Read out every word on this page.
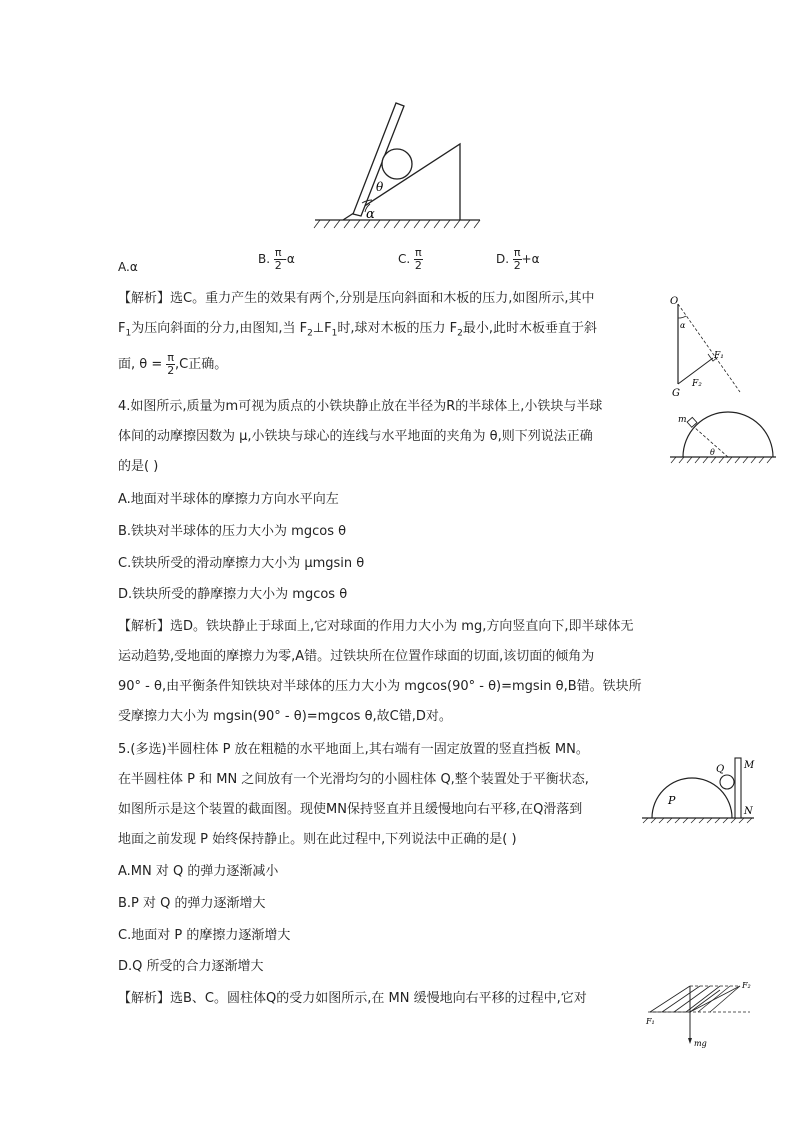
θ
α
A.α
B. $\frac{\pi}{2} -\alpha$	C. $\frac{\pi}{2}$	D. $\frac{\pi}{2} +\alpha$
【解析】选C。重力产生的效果有两个,分别是压向斜面和木板的压力,如图所示,其中
$F_1$为压向斜面的分力,由图知,当 $F_2\perp F_1$时,球对木板的压力 $F_2$最小,此时木板垂直于斜
面, $\theta = \frac{\pi}{2} ,C$正确。
O
α
F₁
F₂
G
4.如图所示,质量为m可视为质点的小铁块静止放在半径为R的半球体上,小铁块与半球
体间的动摩擦因数为 μ,小铁块与球心的连线与水平地面的夹角为 θ,则下列说法正确
的是( )
A.地面对半球体的摩擦力方向水平向左
B.铁块对半球体的压力大小为 mgcos θ
C.铁块所受的滑动摩擦力大小为 μmgsin θ
D.铁块所受的静摩擦力大小为 mgcos θ
【解析】选D。铁块静止于球面上,它对球面的作用力大小为 mg,方向竖直向下,即半球体无
运动趋势,受地面的摩擦力为零,A错。过铁块所在位置作球面的切面,该切面的倾角为
90° - θ,由平衡条件知铁块对半球体的压力大小为 mgcos(90° - θ)=mgsin θ,B错。铁块所
受摩擦力大小为 mgsin(90° - θ)=mgcos θ,故C错,D对。
m
θ
5.(多选)半圆柱体 P 放在粗糙的水平地面上,其右端有一固定放置的竖直挡板 MN。
在半圆柱体 P 和 MN 之间放有一个光滑均匀的小圆柱体 Q,整个装置处于平衡状态,
如图所示是这个装置的截面图。现使MN保持竖直并且缓慢地向右平移,在Q滑落到
地面之前发现 P 始终保持静止。则在此过程中,下列说法中正确的是( )
A.MN 对 Q 的弹力逐渐减小
B.P 对 Q 的弹力逐渐增大
C.地面对 P 的摩擦力逐渐增大
D.Q 所受的合力逐渐增大
【解析】选B、C。圆柱体Q的受力如图所示,在 MN 缓慢地向右平移的过程中,它对
Q M
N
P
F₁
F₂
mg
